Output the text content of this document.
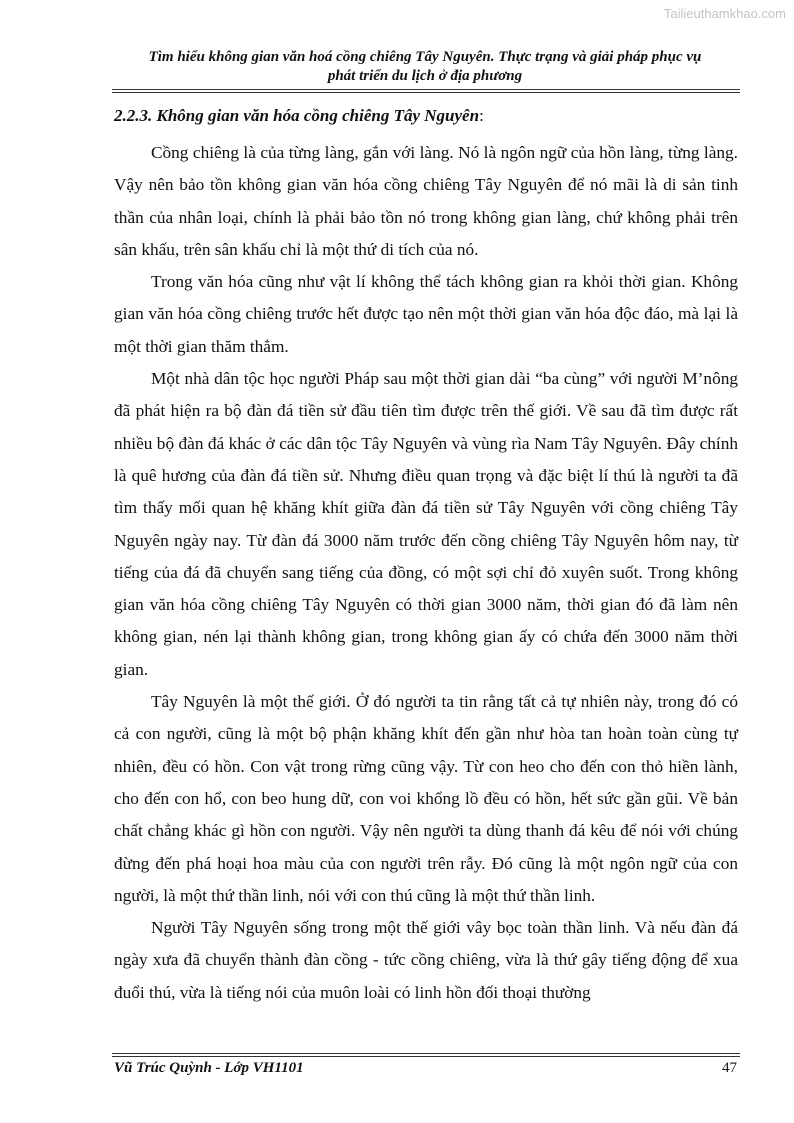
Tailieuthamkhao.com
Tìm hiểu không gian văn hoá cồng chiêng Tây Nguyên. Thực trạng và giải pháp phục vụ
phát triển du lịch ở địa phương
2.2.3. Không gian văn hóa cồng chiêng Tây Nguyên:

Cồng chiêng là của từng làng, gắn với làng. Nó là ngôn ngữ của hồn làng, từng làng. Vậy nên bảo tồn không gian văn hóa cồng chiêng Tây Nguyên để nó mãi là di sản tinh thần của nhân loại, chính là phải bảo tồn nó trong không gian làng, chứ không phải trên sân khấu, trên sân khấu chỉ là một thứ di tích của nó.

Trong văn hóa cũng như vật lí không thể tách không gian ra khỏi thời gian. Không gian văn hóa cồng chiêng trước hết được tạo nên một thời gian văn hóa độc đáo, mà lại là một thời gian thăm thẳm.

Một nhà dân tộc học người Pháp sau một thời gian dài “ba cùng” với người M’nông đã phát hiện ra bộ đàn đá tiền sử đầu tiên tìm được trên thế giới. Về sau đã tìm được rất nhiều bộ đàn đá khác ở các dân tộc Tây Nguyên và vùng rìa Nam Tây Nguyên. Đây chính là quê hương của đàn đá tiền sử. Nhưng điều quan trọng và đặc biệt lí thú là người ta đã tìm thấy mối quan hệ khăng khít giữa đàn đá tiền sử Tây Nguyên với cồng chiêng Tây Nguyên ngày nay. Từ đàn đá 3000 năm trước đến cồng chiêng Tây Nguyên hôm nay, từ tiếng của đá đã chuyển sang tiếng của đồng, có một sợi chỉ đỏ xuyên suốt. Trong không gian văn hóa cồng chiêng Tây Nguyên có thời gian 3000 năm, thời gian đó đã làm nên không gian, nén lại thành không gian, trong không gian ấy có chứa đến 3000 năm thời gian.

Tây Nguyên là một thế giới. Ở đó người ta tin rằng tất cả tự nhiên này, trong đó có cả con người, cũng là một bộ phận khăng khít đến gần như hòa tan hoàn toàn cùng tự nhiên, đều có hồn. Con vật trong rừng cũng vậy. Từ con heo cho đến con thỏ hiền lành, cho đến con hổ, con beo hung dữ, con voi khổng lồ đều có hồn, hết sức gần gũi. Về bản chất chẳng khác gì hồn con người. Vậy nên người ta dùng thanh đá kêu để nói với chúng đừng đến phá hoại hoa màu của con người trên rẫy. Đó cũng là một ngôn ngữ của con người, là một thứ thần linh, nói với con thú cũng là một thứ thần linh.

Người Tây Nguyên sống trong một thế giới vây bọc toàn thần linh. Và nếu đàn đá ngày xưa đã chuyển thành đàn cồng - tức cồng chiêng, vừa là thứ gây tiếng động để xua đuổi thú, vừa là tiếng nói của muôn loài có linh hồn đối thoại thường

Vũ Trúc Quỳnh - Lớp VH1101	47
